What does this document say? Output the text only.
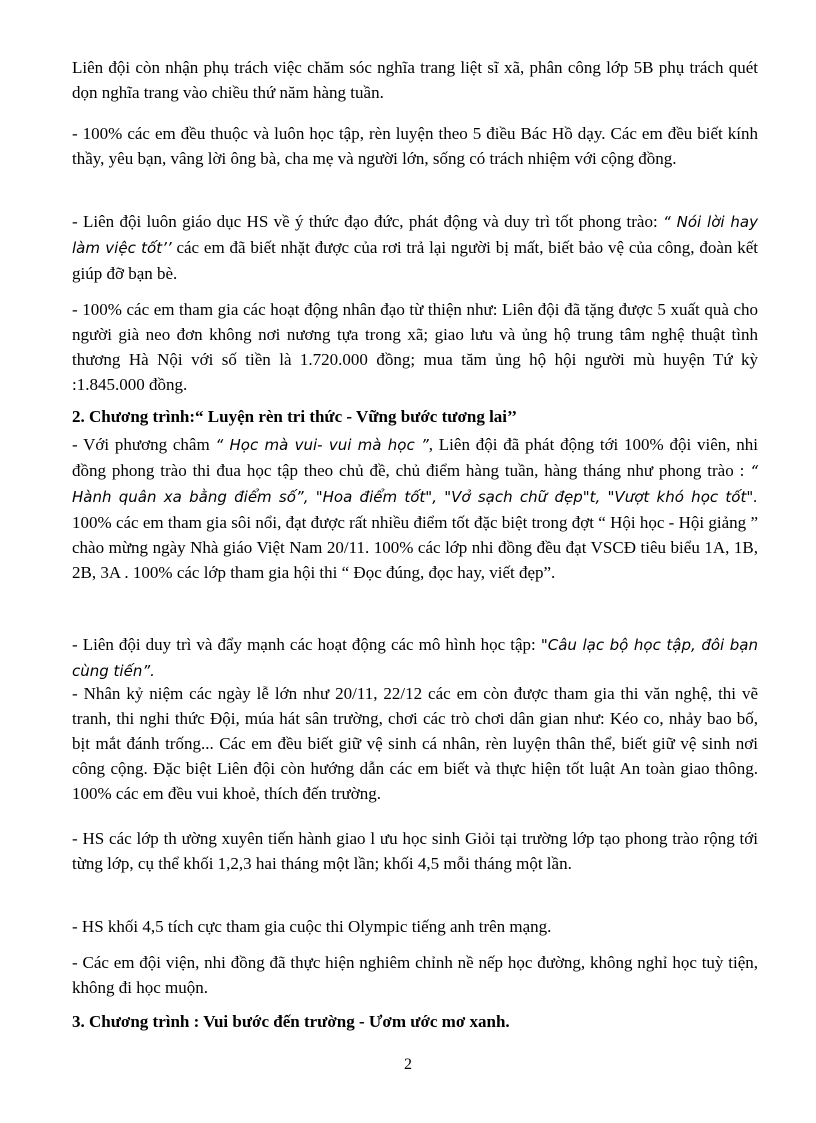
Liên đội còn nhận phụ trách việc chăm sóc nghĩa trang liệt sĩ xã, phân công lớp 5B phụ trách quét dọn nghĩa trang vào chiều thứ năm hàng tuần.

- 100% các em đều thuộc và luôn học tập, rèn luyện theo 5 điều Bác Hồ dạy. Các em đều biết kính thầy, yêu bạn, vâng lời ông bà, cha mẹ và người lớn, sống có trách nhiệm với cộng đồng.

- Liên đội luôn giáo dục HS về ý thức đạo đức, phát động và duy trì tốt phong trào: “ Nói lời hay làm việc tốt’’ các em đã biết nhặt được của rơi trả lại người bị mất, biết bảo vệ của công, đoàn kết giúp đỡ bạn bè.

- 100% các em tham gia các hoạt động nhân đạo từ thiện như: Liên đội đã tặng được 5 xuất quà cho người già neo đơn không nơi nương tựa trong xã; giao lưu và ủng hộ trung tâm nghệ thuật tình thương Hà Nội với số tiền là 1.720.000 đồng; mua tăm ủng hộ hội người mù huyện Tứ kỳ :1.845.000 đồng.

2. Chương trình:“ Luyện rèn tri thức - Vững bước tương lai’’

- Với phương châm “ Học mà vui- vui mà học ”, Liên đội đã phát động tới 100% đội viên, nhi đồng phong trào thi đua học tập theo chủ đề, chủ điểm hàng tuần, hàng tháng như phong trào : “ Hành quân xa bằng điểm số”, "Hoa điểm tốt", "Vở sạch chữ đẹp"t, "Vượt khó học tốt". 100% các em tham gia sôi nổi, đạt được rất nhiều điểm tốt đặc biệt trong đợt “ Hội học - Hội giảng ” chào mừng ngày Nhà giáo Việt Nam 20/11. 100% các lớp nhi đồng đều đạt VSCĐ tiêu biểu 1A, 1B, 2B, 3A . 100% các lớp tham gia hội thi “ Đọc đúng, đọc hay, viết đẹp”.

- Liên đội duy trì và đẩy mạnh các hoạt động các mô hình học tập: "Câu lạc bộ học tập, đôi bạn cùng tiến”.

- Nhân kỷ niệm các ngày lễ lớn như 20/11, 22/12 các em còn được tham gia thi văn nghệ, thi vẽ tranh, thi nghi thức Đội, múa hát sân trường, chơi các trò chơi dân gian như: Kéo co, nhảy bao bố, bịt mắt đánh trống... Các em đều biết giữ vệ sinh cá nhân, rèn luyện thân thể, biết giữ vệ sinh nơi công cộng. Đặc biệt Liên đội còn hướng dẫn các em biết và thực hiện tốt luật An toàn giao thông. 100% các em đều vui khoẻ, thích đến trường.

- HS các lớp th ường xuyên tiến hành giao l ưu học sinh Giỏi tại trường lớp tạo phong trào rộng tới từng lớp, cụ thể khối 1,2,3 hai tháng một lần; khối 4,5 mỗi tháng một lần.

- HS khối 4,5 tích cực tham gia cuộc thi Olympic tiếng anh trên mạng.

- Các em đội viện, nhi đồng đã thực hiện nghiêm chỉnh nề nếp học đường, không nghỉ học tuỳ tiện, không đi học muộn.

3. Chương trình : Vui bước đến trường - Ươm ước mơ xanh.

2
